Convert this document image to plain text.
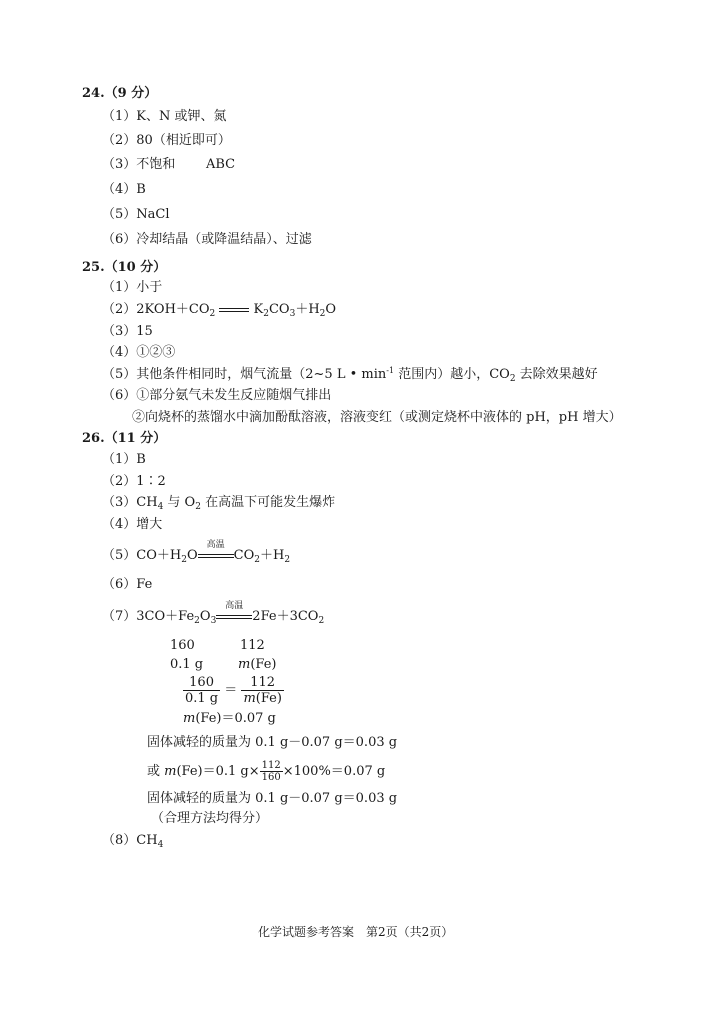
24.（9 分）
（1）K、N 或钾、氮
（2）80（相近即可）
（3）不饱和 ABC
（4）B
（5）NaCl
（6）冷却结晶（或降温结晶）、过滤
25.（10 分）
（1）小于
$(2)2KOH+CO_2$	$K_2CO_3+H_2O$
（3）15
（4）①②③
（5）其他条件相同时，烟气流量（2~5 L • $\min^{-1}$ 范围内）越小，$CO_2$ 去除效果越好
（6）①部分氨气未发生反应随烟气排出
②向烧杯的蒸馏水中滴加酚酞溶液，溶液变红（或测定烧杯中液体的 pH，pH 增大）
26.（11 分）
（1）B
（2）1∶2
$(3)CH_4$ 与 $O_2$ 在高温下可能发生爆炸
（4）增大
$(5)CO+H_2O$
高温
$CO_2+H_2$
（6）Fe
$(7)3CO+Fe_2O_3$
高温
$2Fe+3CO_2$
160	112
0.1 g	m(Fe)
$\frac{160}{0.1 g} = \frac{112}{m(Fe)}$
m(Fe)＝0.07 g
固体减轻的质量为 0.1 g－0.07 g＝0.03 g
或 m(Fe)＝0.1 $g\times \frac{112}{160} \times 100\%=0.07$ g
固体减轻的质量为 0.1 g－0.07 g＝0.03 g
（合理方法均得分）
$(8)CH_4$
化学试题参考答案　第2页（共2页）
